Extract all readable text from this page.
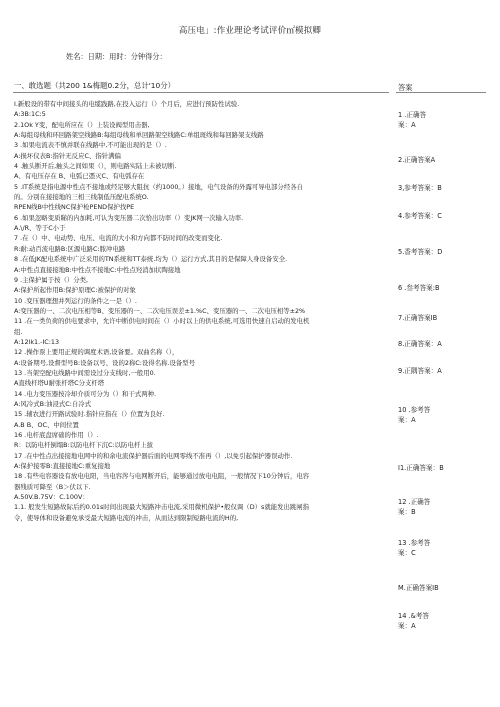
高压电」:作业理论考试评价㎡模拟卿
姓名：日期：用时：分钟得分：
一、敢选题（共200 1&梅题0.2分，总计'10分）	答案
I.新般设的带有中间接头的电缆践路,在投入运行（）个月后，应进行预防性试验.
A:3B:1C:5
2.1Ok Y变，配电所应在（）上装设阀型用击器,
A:每组母线和环回路架空线路B:每组母线和单回路架空线路C:单组斑线和每回路架支线路
3 .如果电流表不慎并联在线路中,不可能出现的是（）.
A:损坏仪表B:指针无反应C、指针满偏
4 .触头断开后,触头之间如果（），则电路实陆上未被切断.
A、有电压存在 B、电弧已憑灭C、有电弧存在
5 .IT系统是指电源中性点不接地或经足够大阻抗（约1000。）接地，电气设备的外露可导电部分经各自
的。分别在接接地的三相三线制低压配电系统O.
RPEN线B中性线NC保护枪PEND保护找PE
6 .如果忽略变质睇的内加耗,可认为变压器二次恰出功率（）变JK网一次输入功率.
A.\/R、等于C小于
7 .在（）中、电动势、电压、电流的大小和方向都不防时间的改变而变化.
R:耐:动百流电路B:区源电路C:脓冲电路
8 .在低JK配电系统中广泛采用的TN系统和TT泰统.均为（）运行方式,其目的是保障人身设备安全.
A:中性点直接接地B:中性点不接地C:中性点羟消加状陶接地
9 .主保护属于按（）分类,
A:保护所起作用B:保护原理C:被保护的对象
10 .变压器理想并列运行的条件之一是（）.
A:变压器的一、二次电压相等B、变压器的一、二次电压误差±1.%C、变压器的一、二次电压相等±2%
11 .在一类负荷的供电要求中，允许中断供电时间在（）小时以上的供电系统,可选用快速自启动的发电机
组.
A:12lk1.-IC:13
12 .操作票上要用正规的调度术语,设备要。双曲名称（），
A:设备期号,设督型号B:设备以号、设的2称C:设得名称.设备型号
13 .当架空配电线路中间需设过分支线时,一般用0.
A直线杆塔U耐张杆塔C分支杆塔
14 .电力变压器按冷却介质可分为（）和干式两种.
A:风冷式B:油浸式C:自冷式
15 .辅农进行开路试验时.指针应指在（）位置为良好.
A.B B、OC、中间位置
16 .电杆底盘席础的作用（）.
R：以防电杆倒塌B:以防电杆下沉C:以防电杆上拔
17 .在中性点出接接地电网中的和余电流保护器后面的电网零线不准再（）,以免引起保护器误动作.
A:保护接零B:直接接地C:重复接地
18 .有些电容器设有放电电阳，当电容涔与电网断开后，能够通过放电电阻，一般情况下10分钟后，电容
器残质可降至（B＞伏以下.
A.50V.B.75V：C.100V：
1.1. 般发生短路故际后约0.01s时间出现最大短路冲击电流,采用微机保护•般仅调（D）s就能发出跳闸指
令，使导体和设备避免承受最大短路电流的冲击，从而达到限制短路电流的H的,
1 .正确答
案：A
2.正确答案A
3,参考答案：B
4.参考答案：C
5.香考答案：D
6 .叁考答案:B
7.正确答案IB
8.正确答案：A
9.正隅答案：A
10 .参考答
案：A
I1.正确答案：B
12 .正确答
案：B
13 .参考答
案：C
M.正确答案IB
14 .&考答
案：A
